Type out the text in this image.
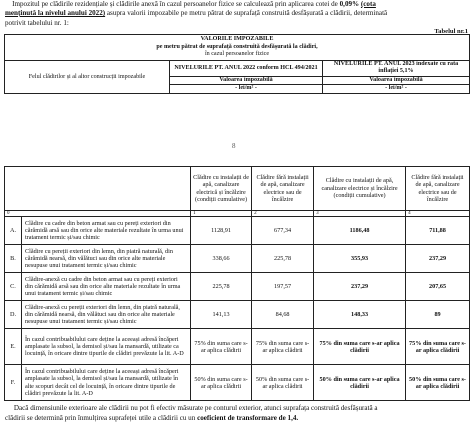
Impozitul pe clădirile rezidențiale și clădirile anexă în cazul persoanelor fizice se calculează prin aplicarea cotei de 0,09% (cota
menținută la nivelul anului 2022) asupra valorii impozabile pe metru pătrat de suprafață construită desfășurată a clădirii, determinată
potrivit tabelului nr. 1:
Tabelul nr.1
VALORILE IMPOZABILE
pe metru pătrat de suprafață construită desfășurată la clădiri,
în cazul persoanelor fizice		
Felul clădirilor și al altor construcții impozabile	NIVELURILE PT. ANUL 2022 conform HCL 494/2021	NIVELURILE PT. ANUL 2023 indexate cu rata inflației 5,1%
	Valoarea impozabilă	Valoarea impozabilă
	- lei/m² -	- lei/m² -
8
		Clădire cu instalații de apă, canalizare electrică și încălzire (condiții cumulative)	Clădire fără instalații de apă, canalizare electrice sau de încălzire	Clădire cu instalații de apă, canalizare electrice și încălzire (condiții cumulative)	Clădire fără instalații de apă, canalizare electrice sau de încălzire
0		1	2	3	4
A.	Clădire cu cadre din beton armat sau cu pereți exteriori din cărămidă arsă sau din orice alte materiale rezultate în urma unui tratament termic și/sau chimic	1128,91	677,34	1186,48	711,88
B.	Clădire cu pereții exteriori din lemn, din piatră naturală, din cărămidă nearsă, din vălătuci sau din orice alte materiale nesupuse unui tratament termic și/sau chimic	338,66	225,78	355,93	237,29
C.	Clădire-anexă cu cadre din beton armat sau cu pereți exteriori din cărămidă arsă sau din orice alte materiale rezultate în urma unui tratament termic și/sau chimic	225,78	197,57	237,29	207,65
D.	Clădire-anexă cu pereții exteriori din lemn, din piatră naturală, din cărămidă nearsă, din vălătuci sau din orice alte materiale nesupuse unui tratament termic și/sau chimic	141,13	84,68	148,33	89
E.	În cazul contribuabilului care deține la aceeași adresă încăperi amplasate la subsol, la demisol și/sau la mansardă, utilizate ca locuință, în oricare dintre tipurile de clădiri prevăzute la lit. A-D	75% din suma care s-ar aplica clădirii	75% din suma care s-ar aplica clădirii	75% din suma care s-ar aplica clădirii	75% din suma care s-ar aplica clădirii
F.	În cazul contribuabilului care deține la aceeași adresă încăperi amplasate la subsol, la demisol și/sau la mansardă, utilizate în alte scopuri decât cel de locuință, în oricare dintre tipurile de clădiri prevăzute la lit. A-D	50% din suma care s-ar aplica clădirii	50% din suma care s-ar aplica clădirii	50% din suma care s-ar aplica clădirii	50% din suma care s-ar aplica clădirii
Dacă dimensiunile exterioare ale clădirii nu pot fi efectiv măsurate pe conturul exterior, atunci suprafața construită desfășurată a
clădirii se determină prin înmulțirea suprafeței utile a clădirii cu un coeficient de transformare de 1,4.
